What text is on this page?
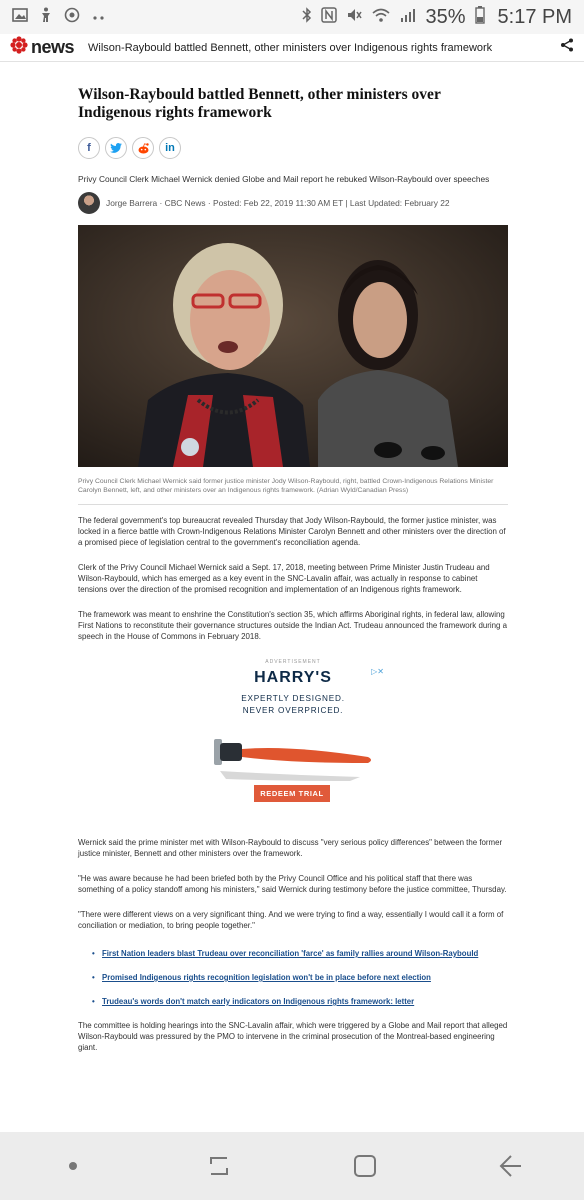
35% 5:17 PM
news Wilson-Raybould battled Bennett, other ministers over Indigenous rights framework
Wilson-Raybould battled Bennett, other ministers over Indigenous rights framework
f	in

Privy Council Clerk Michael Wernick denied Globe and Mail report he rebuked Wilson-Raybould over speeches

Jorge Barrera · CBC News · Posted: Feb 22, 2019 11:30 AM ET | Last Updated: February 22

Privy Council Clerk Michael Wernick said former justice minister Jody Wilson-Raybould, right, battled Crown-Indigenous Relations Minister Carolyn Bennett, left, and other ministers over an Indigenous rights framework. (Adrian Wyld/Canadian Press)

The federal government's top bureaucrat revealed Thursday that Jody Wilson-Raybould, the former justice minister, was locked in a fierce battle with Crown-Indigenous Relations Minister Carolyn Bennett and other ministers over the direction of a promised piece of legislation central to the government's reconciliation agenda.

Clerk of the Privy Council Michael Wernick said a Sept. 17, 2018, meeting between Prime Minister Justin Trudeau and Wilson-Raybould, which has emerged as a key event in the SNC-Lavalin affair, was actually in response to cabinet tensions over the direction of the promised recognition and implementation of an Indigenous rights framework.

The framework was meant to enshrine the Constitution's section 35, which affirms Aboriginal rights, in federal law, allowing First Nations to reconstitute their governance structures outside the Indian Act. Trudeau announced the framework during a speech in the House of Commons in February 2018.

ADVERTISEMENT
▷✕
HARRY'S
EXPERTLY DESIGNED.
NEVER OVERPRICED.
REDEEM TRIAL

Wernick said the prime minister met with Wilson-Raybould to discuss "very serious policy differences" between the former justice minister, Bennett and other ministers over the framework.

"He was aware because he had been briefed both by the Privy Council Office and his political staff that there was something of a policy standoff among his ministers," said Wernick during testimony before the justice committee, Thursday.

"There were different views on a very significant thing. And we were trying to find a way, essentially I would call it a form of conciliation or mediation, to bring people together."

• First Nation leaders blast Trudeau over reconciliation 'farce' as family rallies around Wilson-Raybould
• Promised Indigenous rights recognition legislation won't be in place before next election
• Trudeau's words don't match early indicators on Indigenous rights framework: letter

The committee is holding hearings into the SNC-Lavalin affair, which were triggered by a Globe and Mail report that alleged Wilson-Raybould was pressured by the PMO to intervene in the criminal prosecution of the Montreal-based engineering giant.
